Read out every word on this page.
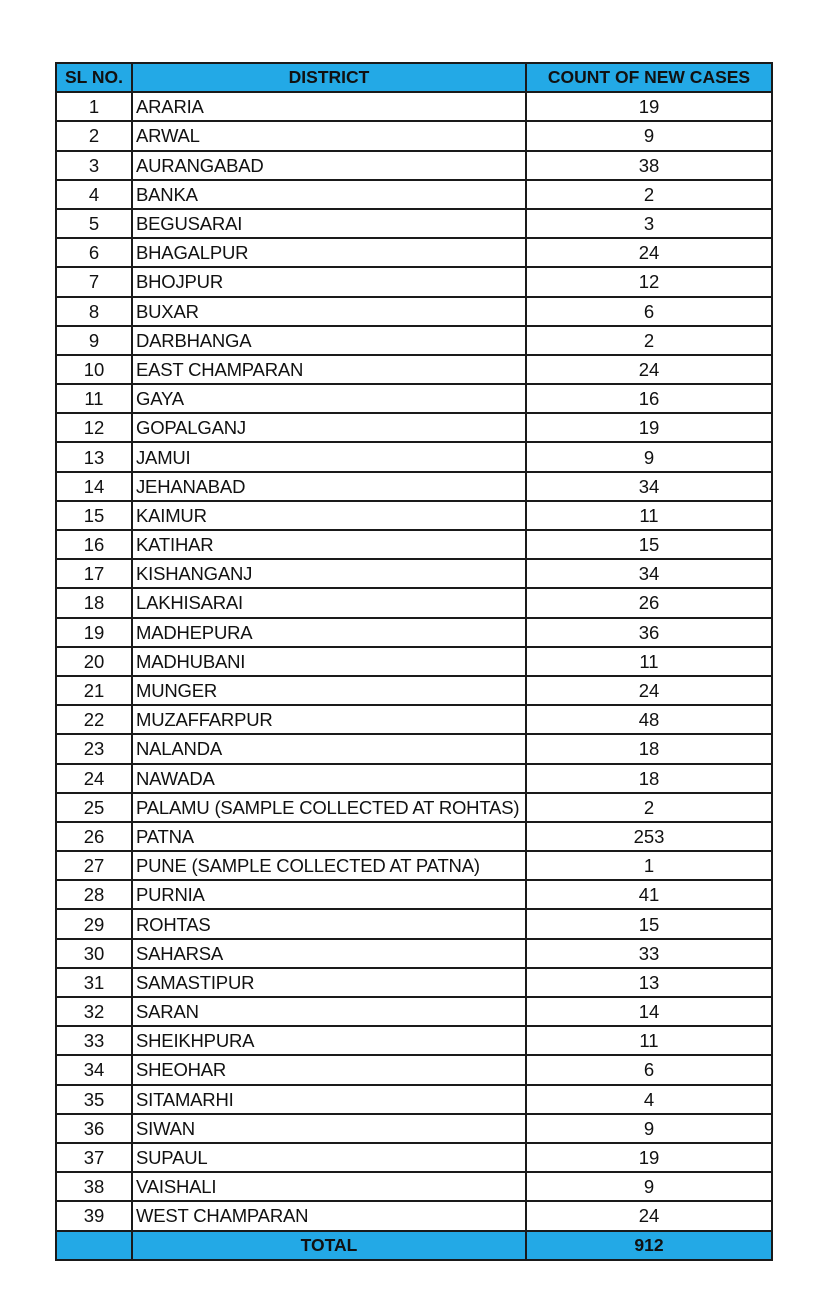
SL NO.	DISTRICT	COUNT OF NEW CASES
1	ARARIA	19
2	ARWAL	9
3	AURANGABAD	38
4	BANKA	2
5	BEGUSARAI	3
6	BHAGALPUR	24
7	BHOJPUR	12
8	BUXAR	6
9	DARBHANGA	2
10	EAST CHAMPARAN	24
11	GAYA	16
12	GOPALGANJ	19
13	JAMUI	9
14	JEHANABAD	34
15	KAIMUR	11
16	KATIHAR	15
17	KISHANGANJ	34
18	LAKHISARAI	26
19	MADHEPURA	36
20	MADHUBANI	11
21	MUNGER	24
22	MUZAFFARPUR	48
23	NALANDA	18
24	NAWADA	18
25	PALAMU (SAMPLE COLLECTED AT ROHTAS)	2
26	PATNA	253
27	PUNE (SAMPLE COLLECTED AT PATNA)	1
28	PURNIA	41
29	ROHTAS	15
30	SAHARSA	33
31	SAMASTIPUR	13
32	SARAN	14
33	SHEIKHPURA	11
34	SHEOHAR	6
35	SITAMARHI	4
36	SIWAN	9
37	SUPAUL	19
38	VAISHALI	9
39	WEST CHAMPARAN	24
	TOTAL	912
